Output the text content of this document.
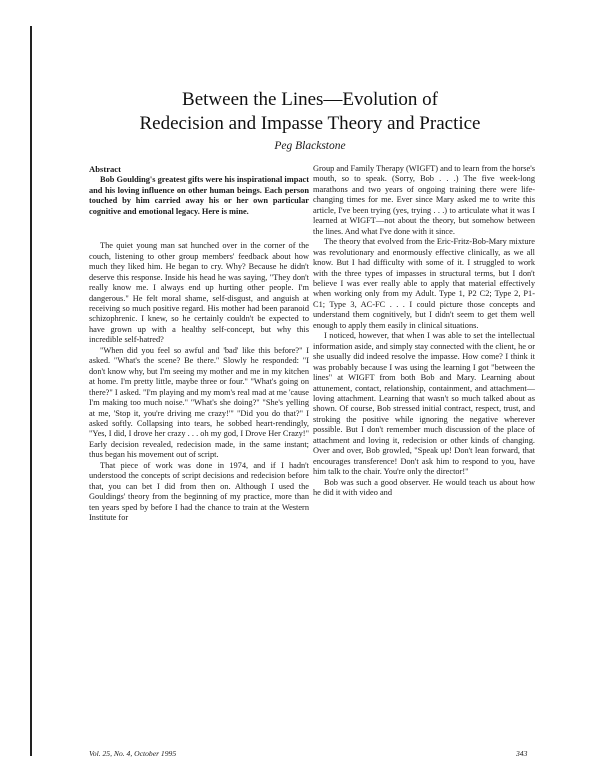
Between the Lines—Evolution of
Redecision and Impasse Theory and Practice
Peg Blackstone
Abstract

Bob Goulding's greatest gifts were his inspirational impact and his loving influence on other human beings. Each person touched by him carried away his or her own particular cognitive and emotional legacy. Here is mine.

The quiet young man sat hunched over in the corner of the couch, listening to other group members' feedback about how much they liked him. He began to cry. Why? Because he didn't deserve this response. Inside his head he was saying, "They don't really know me. I always end up hurting other people. I'm dangerous." He felt moral shame, self-disgust, and anguish at receiving so much positive regard. His mother had been paranoid schizophrenic. I knew, so he certainly couldn't be expected to have grown up with a healthy self-concept, but why this incredible self-hatred?

"When did you feel so awful and 'bad' like this before?" I asked. "What's the scene? Be there." Slowly he responded: "I don't know why, but I'm seeing my mother and me in my kitchen at home. I'm pretty little, maybe three or four." "What's going on there?" I asked. "I'm playing and my mom's real mad at me 'cause I'm making too much noise." "What's she doing?" "She's yelling at me, 'Stop it, you're driving me crazy!'" "Did you do that?" I asked softly. Collapsing into tears, he sobbed heart-rendingly, "Yes, I did, I drove her crazy . . . oh my god, I Drove Her Crazy!" Early decision revealed, redecision made, in the same instant; thus began his movement out of script.

That piece of work was done in 1974, and if I hadn't understood the concepts of script decisions and redecision before that, you can bet I did from then on. Although I used the Gouldings' theory from the beginning of my practice, more than ten years sped by before I had the chance to train at the Western Institute for

Group and Family Therapy (WIGFT) and to learn from the horse's mouth, so to speak. (Sorry, Bob . . .) The five week-long marathons and two years of ongoing training there were life-changing times for me. Ever since Mary asked me to write this article, I've been trying (yes, trying . . .) to articulate what it was I learned at WIGFT—not about the theory, but somehow between the lines. And what I've done with it since.

The theory that evolved from the Eric-Fritz-Bob-Mary mixture was revolutionary and enormously effective clinically, as we all know. But I had difficulty with some of it. I struggled to work with the three types of impasses in structural terms, but I don't believe I was ever really able to apply that material effectively when working only from my Adult. Type 1, P2 C2; Type 2, P1-C1; Type 3, AC-FC . . . I could picture those concepts and understand them cognitively, but I didn't seem to get them well enough to apply them easily in clinical situations.

I noticed, however, that when I was able to set the intellectual information aside, and simply stay connected with the client, he or she usually did indeed resolve the impasse. How come? I think it was probably because I was using the learning I got "between the lines" at WIGFT from both Bob and Mary. Learning about attunement, contact, relationship, containment, and attachment—loving attachment. Learning that wasn't so much talked about as shown. Of course, Bob stressed initial contract, respect, trust, and stroking the positive while ignoring the negative wherever possible. But I don't remember much discussion of the place of attachment and loving it, redecision or other kinds of changing. Over and over, Bob growled, "Speak up! Don't lean forward, that encourages transference! Don't ask him to respond to you, have him talk to the chair. You're only the director!"

Bob was such a good observer. He would teach us about how he did it with video and

Vol. 25, No. 4, October 1995	343
